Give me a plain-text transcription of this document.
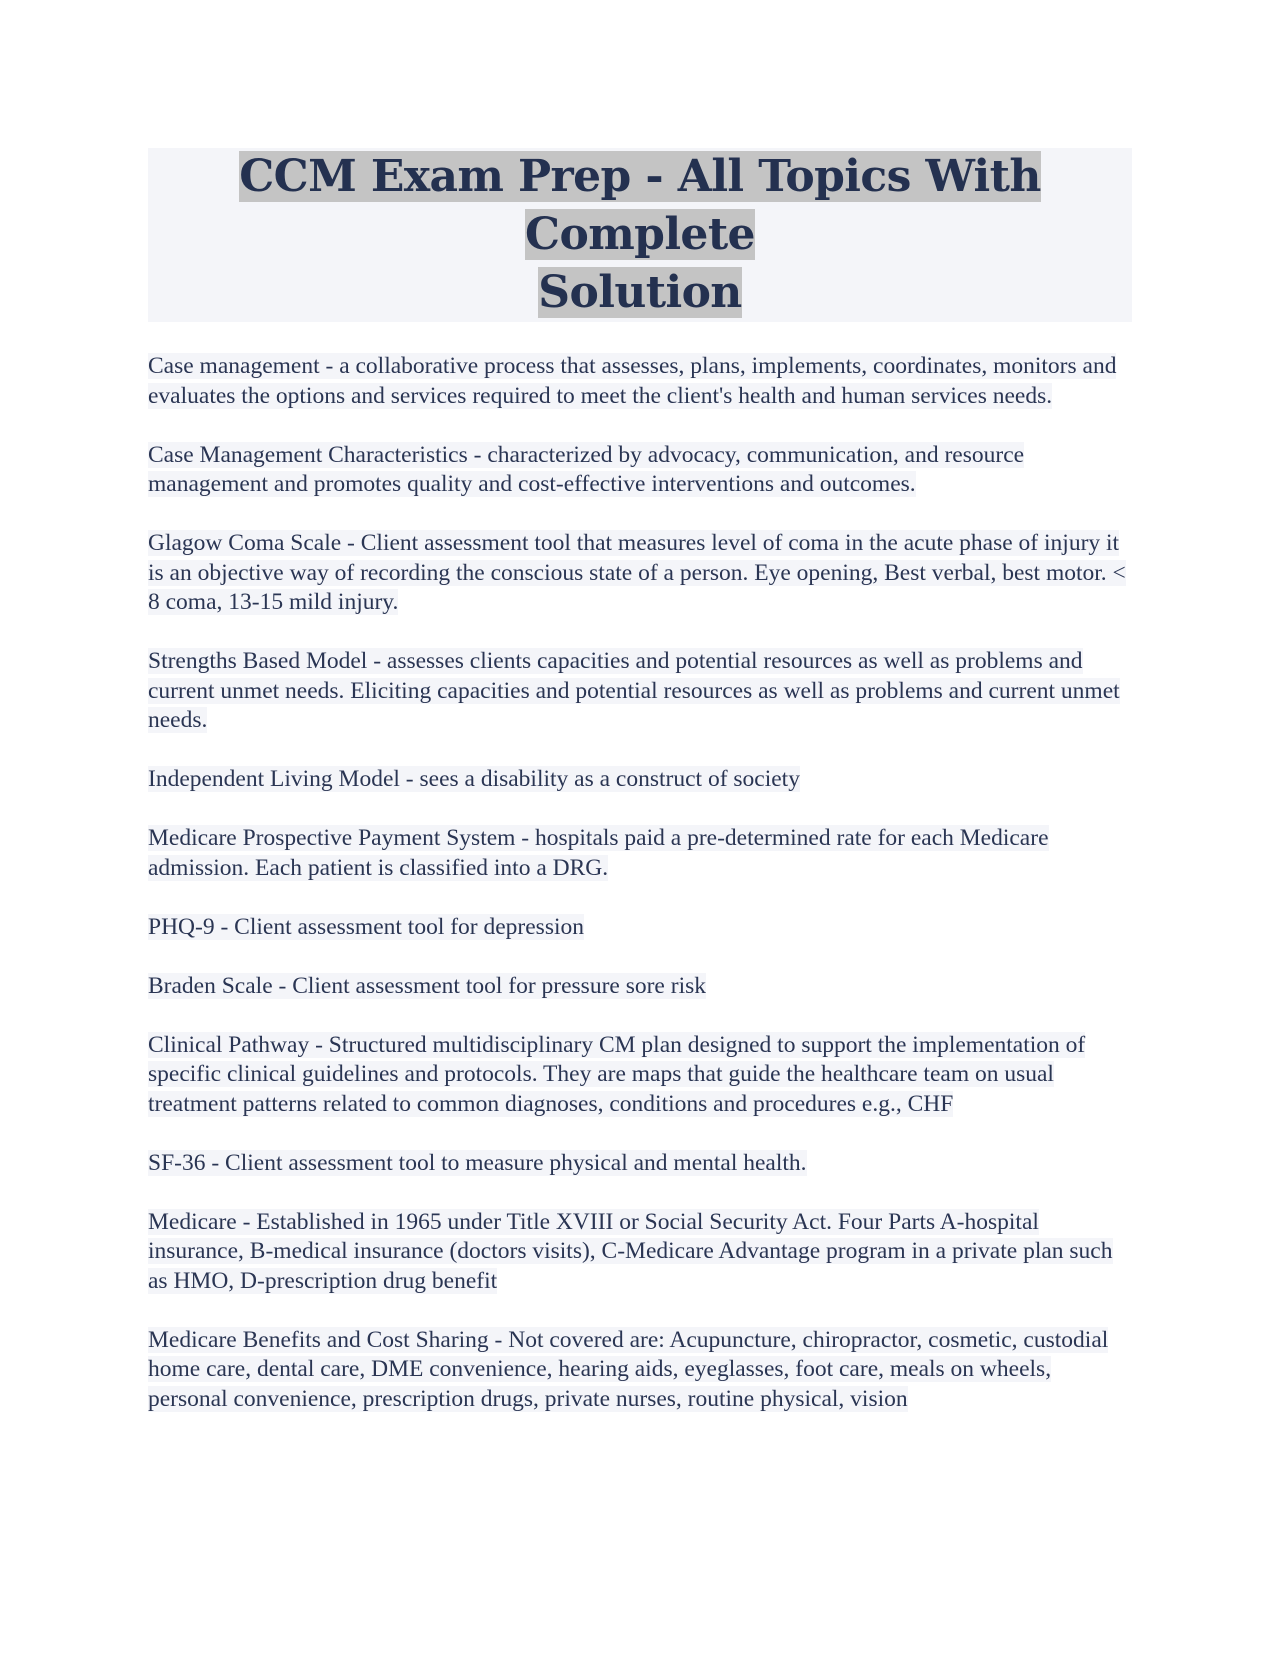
CCM Exam Prep - All Topics With Complete
Solution

Case management - a collaborative process that assesses, plans, implements, coordinates, monitors and evaluates the options and services required to meet the client's health and human services needs.

Case Management Characteristics - characterized by advocacy, communication, and resource management and promotes quality and cost-effective interventions and outcomes.

Glagow Coma Scale - Client assessment tool that measures level of coma in the acute phase of injury it is an objective way of recording the conscious state of a person. Eye opening, Best verbal, best motor. < 8 coma, 13-15 mild injury.

Strengths Based Model - assesses clients capacities and potential resources as well as problems and current unmet needs. Eliciting capacities and potential resources as well as problems and current unmet needs.

Independent Living Model - sees a disability as a construct of society

Medicare Prospective Payment System - hospitals paid a pre-determined rate for each Medicare admission. Each patient is classified into a DRG.

PHQ-9 - Client assessment tool for depression

Braden Scale - Client assessment tool for pressure sore risk

Clinical Pathway - Structured multidisciplinary CM plan designed to support the implementation of specific clinical guidelines and protocols. They are maps that guide the healthcare team on usual treatment patterns related to common diagnoses, conditions and procedures e.g., CHF

SF-36 - Client assessment tool to measure physical and mental health.

Medicare - Established in 1965 under Title XVIII or Social Security Act. Four Parts A-hospital insurance, B-medical insurance (doctors visits), C-Medicare Advantage program in a private plan such as HMO, D-prescription drug benefit

Medicare Benefits and Cost Sharing - Not covered are: Acupuncture, chiropractor, cosmetic, custodial home care, dental care, DME convenience, hearing aids, eyeglasses, foot care, meals on wheels, personal convenience, prescription drugs, private nurses, routine physical, vision
